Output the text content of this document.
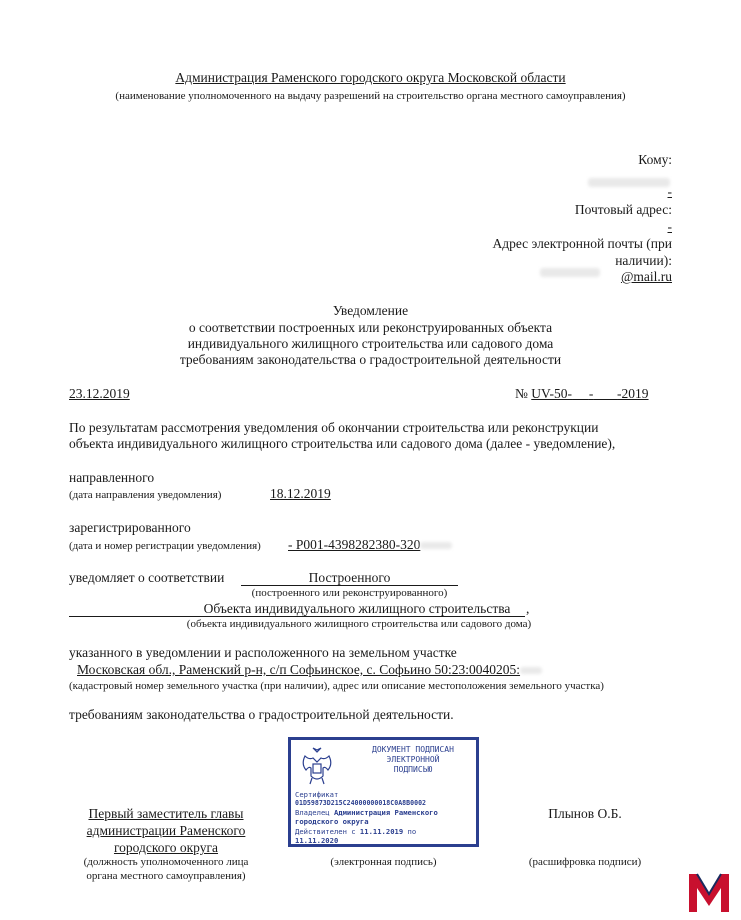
Администрация Раменского городского округа Московской области
(наименование уполномоченного на выдачу разрешений на строительство органа местного самоуправления)
Кому:
-
Почтовый адрес:
-
Адрес электронной почты (при
наличии):
@mail.ru
Уведомление
о соответствии построенных или реконструированных объекта
индивидуального жилищного строительства или садового дома
требованиям законодательства о градостроительной деятельности
23.12.2019	№ UV-50- - -2019
По результатам рассмотрения уведомления об окончании строительства или реконструкции
объекта индивидуального жилищного строительства или садового дома (далее - уведомление),
направленного
(дата направления уведомления)	18.12.2019
зарегистрированного
(дата и номер регистрации уведомления) - P001-4398282380-320
уведомляет о соответствии	Построенного
(построенного или реконструированного)
Объекта индивидуального жилищного строительства	,
(объекта индивидуального жилищного строительства или садового дома)
указанного в уведомлении и расположенного на земельном участке
Московская обл., Раменский р-н, с/п Софьинское, с. Софьино 50:23:0040205:
(кадастровый номер земельного участка (при наличии), адрес или описание местоположения земельного участка)
требованиям законодательства о градостроительной деятельности.
Первый заместитель главы
администрации Раменского
городского округа
(должность уполномоченного лица
органа местного самоуправления)
(электронная подпись)
Плынов О.Б.
(расшифровка подписи)
ДОКУМЕНТ ПОДПИСАН
ЭЛЕКТРОННОЙ
ПОДПИСЬЮ
Сертификат
01D59873D215C24000000018C0A8B0002
Владелец Администрация Раменского
городского округа
Действителен с 11.11.2019 по
11.11.2020
